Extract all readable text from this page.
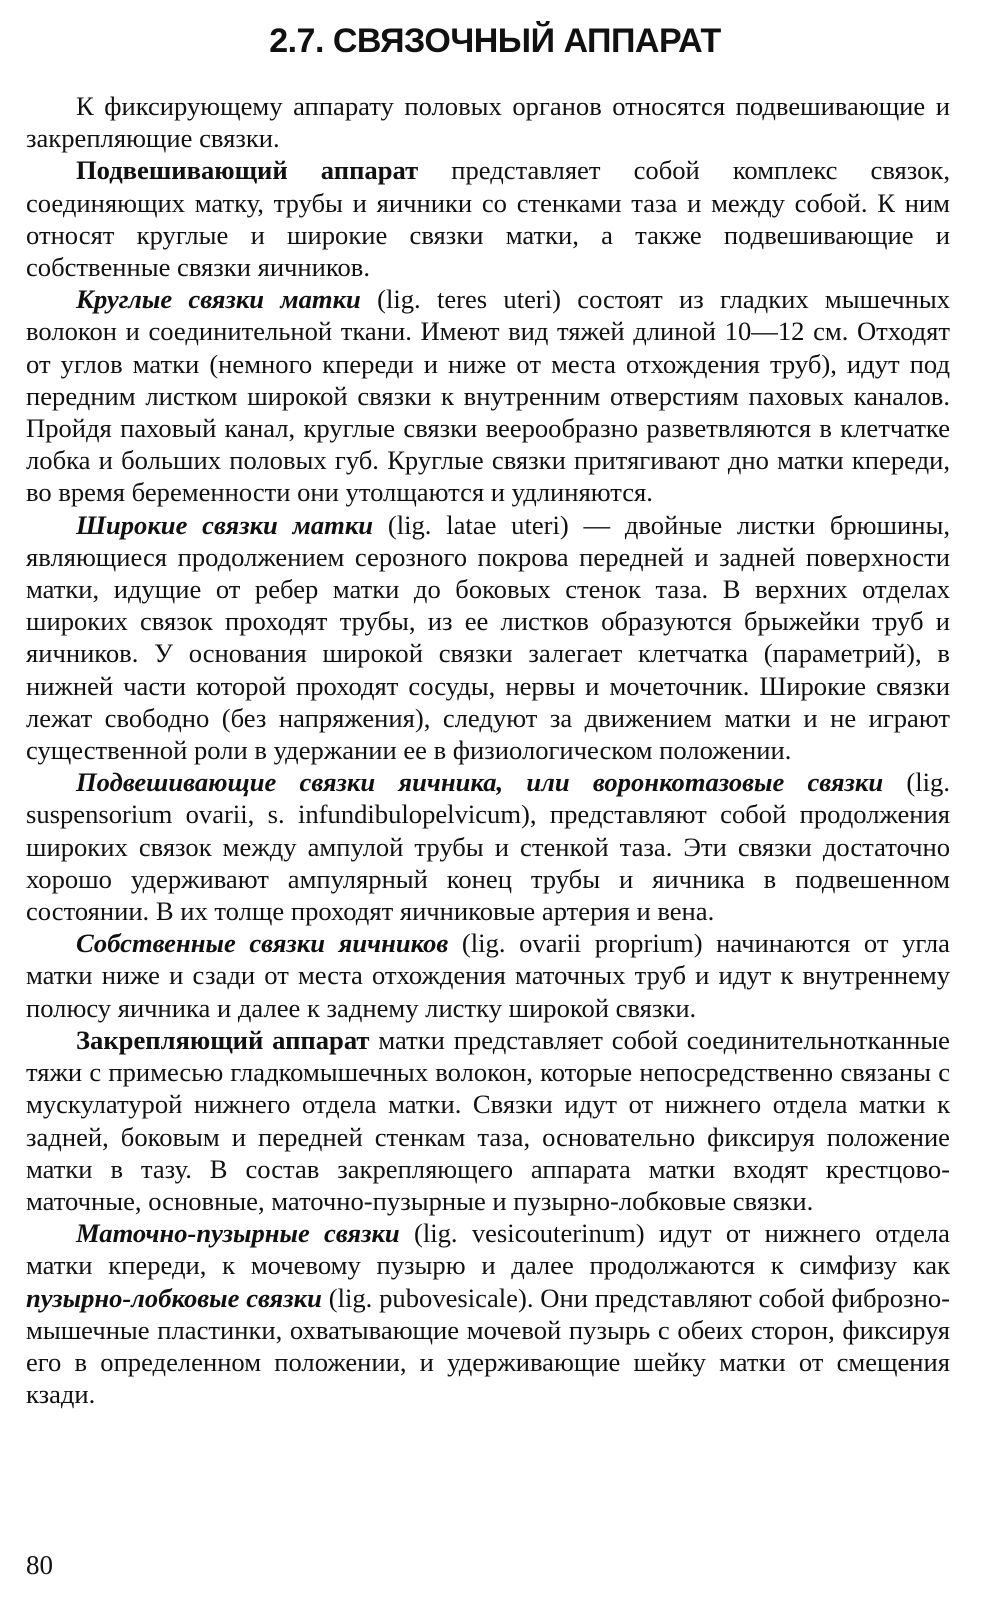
2.7. СВЯЗОЧНЫЙ АППАРАТ

К фиксирующему аппарату половых органов относятся подвешивающие и закрепляющие связки.

Подвешивающий аппарат представляет собой комплекс связок, соединяющих матку, трубы и яичники со стенками таза и между собой. К ним относят круглые и широкие связки матки, а также подвешивающие и собственные связки яичников.

Круглые связки матки (lig. teres uteri) состоят из гладких мышечных волокон и соединительной ткани. Имеют вид тяжей длиной 10—12 см. Отходят от углов матки (немного кпереди и ниже от места отхождения труб), идут под передним листком широкой связки к внутренним отверстиям паховых каналов. Пройдя паховый канал, круглые связки веерообразно разветвляются в клетчатке лобка и больших половых губ. Круглые связки притягивают дно матки кпереди, во время беременности они утолщаются и удлиняются.

Широкие связки матки (lig. latae uteri) — двойные листки брюшины, являющиеся продолжением серозного покрова передней и задней поверхности матки, идущие от ребер матки до боковых стенок таза. В верхних отделах широких связок проходят трубы, из ее листков образуются брыжейки труб и яичников. У основания широкой связки залегает клетчатка (параметрий), в нижней части которой проходят сосуды, нервы и мочеточник. Широкие связки лежат свободно (без напряжения), следуют за движением матки и не играют существенной роли в удержании ее в физиологическом положении.

Подвешивающие связки яичника, или воронкотазовые связки (lig. suspensorium ovarii, s. infundibulopelvicum), представляют собой продолжения широких связок между ампулой трубы и стенкой таза. Эти связки достаточно хорошо удерживают ампулярный конец трубы и яичника в подвешенном состоянии. В их толще проходят яичниковые артерия и вена.

Собственные связки яичников (lig. ovarii proprium) начинаются от угла матки ниже и сзади от места отхождения маточных труб и идут к внутреннему полюсу яичника и далее к заднему листку широкой связки.

Закрепляющий аппарат матки представляет собой соединительнотканные тяжи с примесью гладкомышечных волокон, которые непосредственно связаны с мускулатурой нижнего отдела матки. Связки идут от нижнего отдела матки к задней, боковым и передней стенкам таза, основательно фиксируя положение матки в тазу. В состав закрепляющего аппарата матки входят крестцово-маточные, основные, маточно-пузырные и пузырно-лобковые связки.

Маточно-пузырные связки (lig. vesicouterinum) идут от нижнего отдела матки кпереди, к мочевому пузырю и далее продолжаются к симфизу как пузырно-лобковые связки (lig. pubovesicale). Они представляют собой фиброзно-мышечные пластинки, охватывающие мочевой пузырь с обеих сторон, фиксируя его в определенном положении, и удерживающие шейку матки от смещения кзади.

80
